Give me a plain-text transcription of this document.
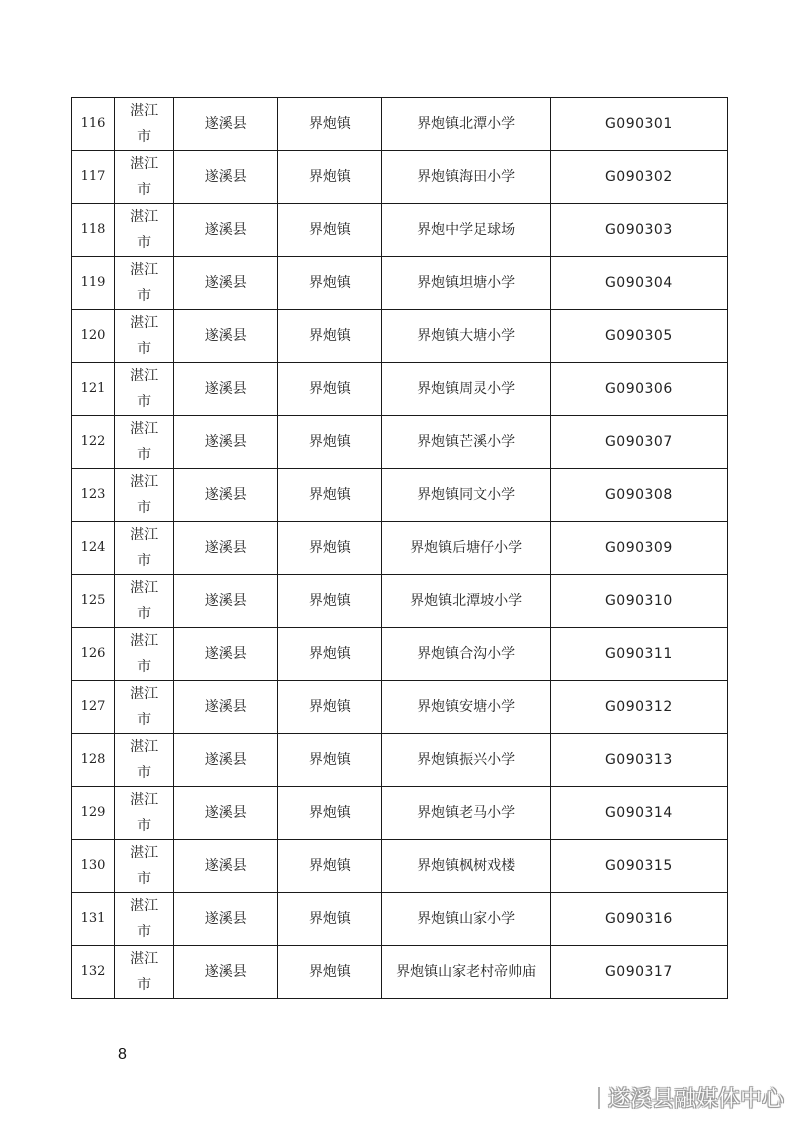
116	湛江市	遂溪县	界炮镇	界炮镇北潭小学	G090301
117	湛江市	遂溪县	界炮镇	界炮镇海田小学	G090302
118	湛江市	遂溪县	界炮镇	界炮中学足球场	G090303
119	湛江市	遂溪县	界炮镇	界炮镇坦塘小学	G090304
120	湛江市	遂溪县	界炮镇	界炮镇大塘小学	G090305
121	湛江市	遂溪县	界炮镇	界炮镇周灵小学	G090306
122	湛江市	遂溪县	界炮镇	界炮镇芒溪小学	G090307
123	湛江市	遂溪县	界炮镇	界炮镇同文小学	G090308
124	湛江市	遂溪县	界炮镇	界炮镇后塘仔小学	G090309
125	湛江市	遂溪县	界炮镇	界炮镇北潭坡小学	G090310
126	湛江市	遂溪县	界炮镇	界炮镇合沟小学	G090311
127	湛江市	遂溪县	界炮镇	界炮镇安塘小学	G090312
128	湛江市	遂溪县	界炮镇	界炮镇振兴小学	G090313
129	湛江市	遂溪县	界炮镇	界炮镇老马小学	G090314
130	湛江市	遂溪县	界炮镇	界炮镇枫树戏楼	G090315
131	湛江市	遂溪县	界炮镇	界炮镇山家小学	G090316
132	湛江市	遂溪县	界炮镇	界炮镇山家老村帝帅庙	G090317
8
遂溪县融媒体中心
